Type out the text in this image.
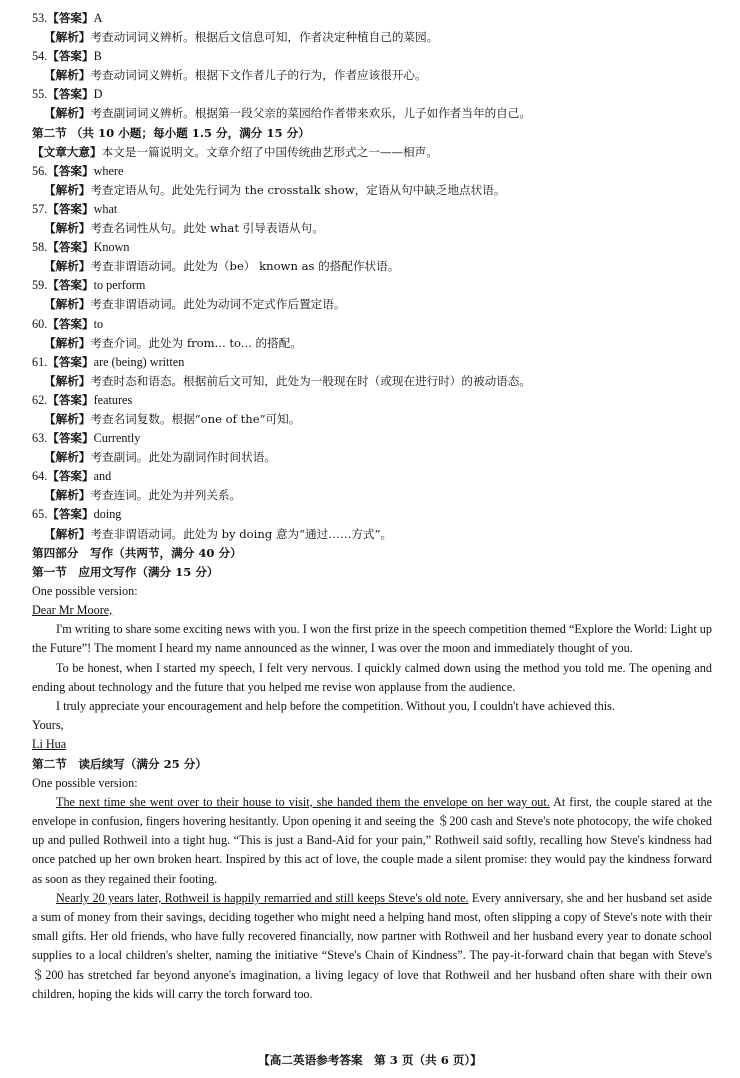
53.【答案】A
【解析】考查动词词义辨析。根据后文信息可知，作者决定种植自己的菜园。
54.【答案】B
【解析】考查动词词义辨析。根据下文作者儿子的行为，作者应该很开心。
55.【答案】D
【解析】考查副词词义辨析。根据第一段父亲的菜园给作者带来欢乐，儿子如作者当年的自己。
第二节 （共 10 小题；每小题 1.5 分，满分 15 分）
【文章大意】本文是一篇说明文。文章介绍了中国传统曲艺形式之一——相声。
56.【答案】where
【解析】考查定语从句。此处先行词为 the crosstalk show，定语从句中缺乏地点状语。
57.【答案】what
【解析】考查名词性从句。此处 what 引导表语从句。
58.【答案】Known
【解析】考查非谓语动词。此处为（be） known as 的搭配作状语。
59.【答案】to perform
【解析】考查非谓语动词。此处为动词不定式作后置定语。
60.【答案】to
【解析】考查介词。此处为 from... to... 的搭配。
61.【答案】are (being) written
【解析】考查时态和语态。根据前后文可知，此处为一般现在时（或现在进行时）的被动语态。
62.【答案】features
【解析】考查名词复数。根据“one of the”可知。
63.【答案】Currently
【解析】考查副词。此处为副词作时间状语。
64.【答案】and
【解析】考查连词。此处为并列关系。
65.【答案】doing
【解析】考查非谓语动词。此处为 by doing 意为“通过……方式”。
第四部分　写作（共两节，满分 40 分）
第一节　应用文写作（满分 15 分）
One possible version:

Dear Mr Moore,

I'm writing to share some exciting news with you. I won the first prize in the speech competition themed “Explore the World: Light up the Future”! The moment I heard my name announced as the winner, I was over the moon and immediately thought of you.

To be honest, when I started my speech, I felt very nervous. I quickly calmed down using the method you told me. The opening and ending about technology and the future that you helped me revise won applause from the audience.

I truly appreciate your encouragement and help before the competition. Without you, I couldn't have achieved this.

Yours,

Li Hua

第二节　读后续写（满分 25 分）
One possible version:

The next time she went over to their house to visit, she handed them the envelope on her way out. At first, the couple stared at the envelope in confusion, fingers hovering hesitantly. Upon opening it and seeing the ＄200 cash and Steve's note photocopy, the wife choked up and pulled Rothweil into a tight hug. “This is just a Band-Aid for your pain,” Rothweil said softly, recalling how Steve's kindness had once patched up her own broken heart. Inspired by this act of love, the couple made a silent promise: they would pay the kindness forward as soon as they regained their footing.

Nearly 20 years later, Rothweil is happily remarried and still keeps Steve's old note. Every anniversary, she and her husband set aside a sum of money from their savings, deciding together who might need a helping hand most, often slipping a copy of Steve's note with their small gifts. Her old friends, who have fully recovered financially, now partner with Rothweil and her husband every year to donate school supplies to a local children's shelter, naming the initiative “Steve's Chain of Kindness”. The pay-it-forward chain that began with Steve's ＄200 has stretched far beyond anyone's imagination, a living legacy of love that Rothweil and her husband often share with their own children, hoping the kids will carry the torch forward too.

【高二英语参考答案　第 3 页（共 6 页）】
